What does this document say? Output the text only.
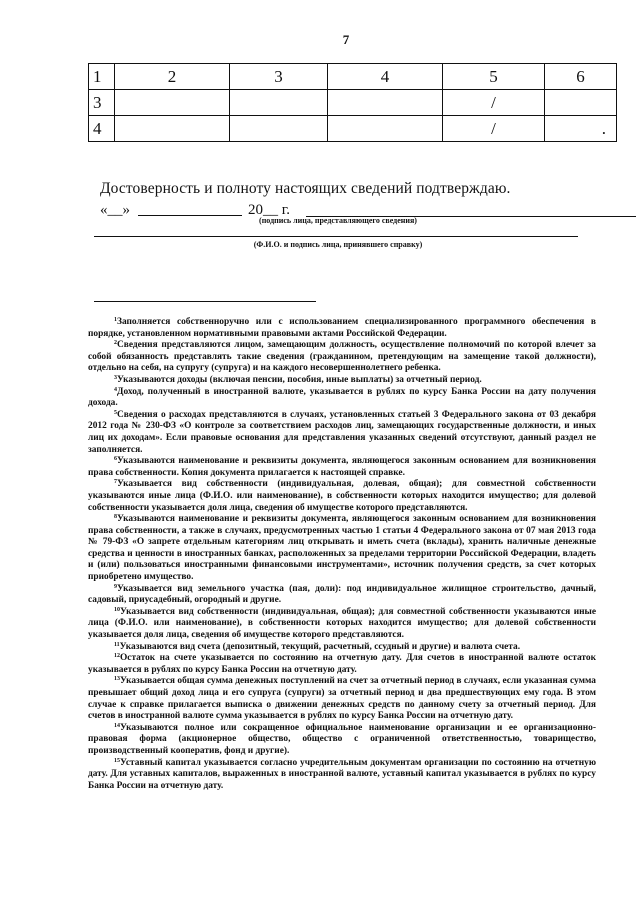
7
1	2	3	4	5	6
3				/	
4				/	.
Достоверность и полноту настоящих сведений подтверждаю.
«__»	20__ г.
(подпись лица, представляющего сведения)
(Ф.И.О. и подпись лица, принявшего справку)

$^1$Заполняется собственноручно или с использованием специализированного программного обеспечения в порядке, установленном нормативными правовыми актами Российской Федерации.

$^2$Сведения представляются лицом, замещающим должность, осуществление полномочий по которой влечет за собой обязанность представлять такие сведения (гражданином, претендующим на замещение такой должности), отдельно на себя, на супругу (супруга) и на каждого несовершеннолетнего ребенка.

$^3$Указываются доходы (включая пенсии, пособия, иные выплаты) за отчетный период.

$^4$Доход, полученный в иностранной валюте, указывается в рублях по курсу Банка России на дату получения дохода.

$^5$Сведения о расходах представляются в случаях, установленных статьей 3 Федерального закона от 03 декабря 2012 года № 230-ФЗ «О контроле за соответствием расходов лиц, замещающих государственные должности, и иных лиц их доходам». Если правовые основания для представления указанных сведений отсутствуют, данный раздел не заполняется.

$^6$Указываются наименование и реквизиты документа, являющегося законным основанием для возникновения права собственности. Копия документа прилагается к настоящей справке.

$^7$Указывается вид собственности (индивидуальная, долевая, общая); для совместной собственности указываются иные лица (Ф.И.О. или наименование), в собственности которых находится имущество; для долевой собственности указывается доля лица, сведения об имуществе которого представляются.

$^8$Указываются наименование и реквизиты документа, являющегося законным основанием для возникновения права собственности, а также в случаях, предусмотренных частью 1 статьи 4 Федерального закона от 07 мая 2013 года № 79-ФЗ «О запрете отдельным категориям лиц открывать и иметь счета (вклады), хранить наличные денежные средства и ценности в иностранных банках, расположенных за пределами территории Российской Федерации, владеть и (или) пользоваться иностранными финансовыми инструментами», источник получения средств, за счет которых приобретено имущество.

$^9$Указывается вид земельного участка (пая, доли): под индивидуальное жилищное строительство, дачный, садовый, приусадебный, огородный и другие.

$^{10}$Указывается вид собственности (индивидуальная, общая); для совместной собственности указываются иные лица (Ф.И.О. или наименование), в собственности которых находится имущество; для долевой собственности указывается доля лица, сведения об имуществе которого представляются.

$^{11}$Указываются вид счета (депозитный, текущий, расчетный, ссудный и другие) и валюта счета.

$^{12}$Остаток на счете указывается по состоянию на отчетную дату. Для счетов в иностранной валюте остаток указывается в рублях по курсу Банка России на отчетную дату.

$^{13}$Указывается общая сумма денежных поступлений на счет за отчетный период в случаях, если указанная сумма превышает общий доход лица и его супруга (супруги) за отчетный период и два предшествующих ему года. В этом случае к справке прилагается выписка о движении денежных средств по данному счету за отчетный период. Для счетов в иностранной валюте сумма указывается в рублях по курсу Банка России на отчетную дату.

$^{14}$Указываются полное или сокращенное официальное наименование организации и ее организационно-правовая форма (акционерное общество, общество с ограниченной ответственностью, товарищество, производственный кооператив, фонд и другие).

$^{15}$Уставный капитал указывается согласно учредительным документам организации по состоянию на отчетную дату. Для уставных капиталов, выраженных в иностранной валюте, уставный капитал указывается в рублях по курсу Банка России на отчетную дату.
